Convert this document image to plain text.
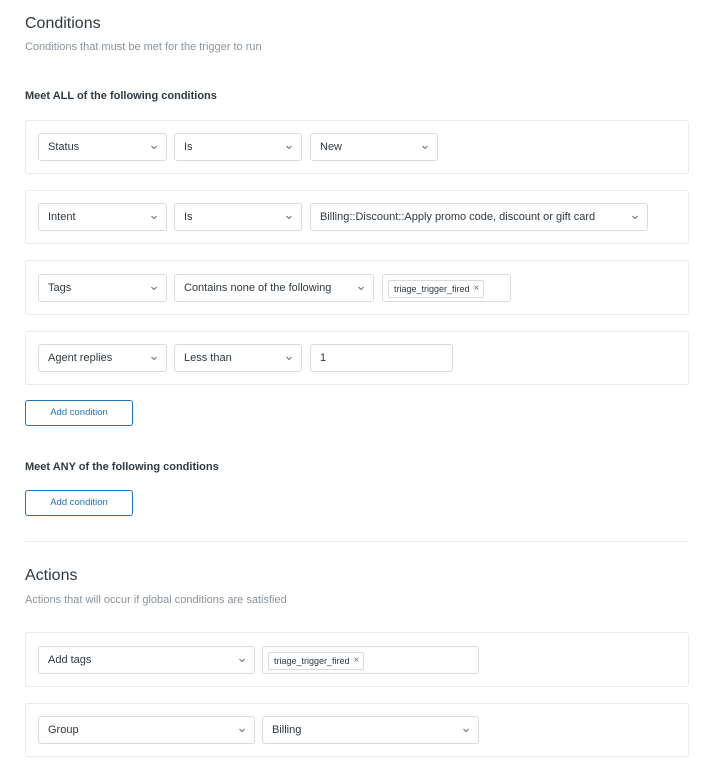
Conditions
Conditions that must be met for the trigger to run
Meet ALL of the following conditions
Status	Is	New
Intent	Is	Billing::Discount::Apply promo code, discount or gift card
Tags	Contains none of the following	triage_trigger_fired ×
Agent replies	Less than	1
Add condition
Meet ANY of the following conditions
Add condition
Actions
Actions that will occur if global conditions are satisfied
Add tags	triage_trigger_fired ×
Group	Billing
